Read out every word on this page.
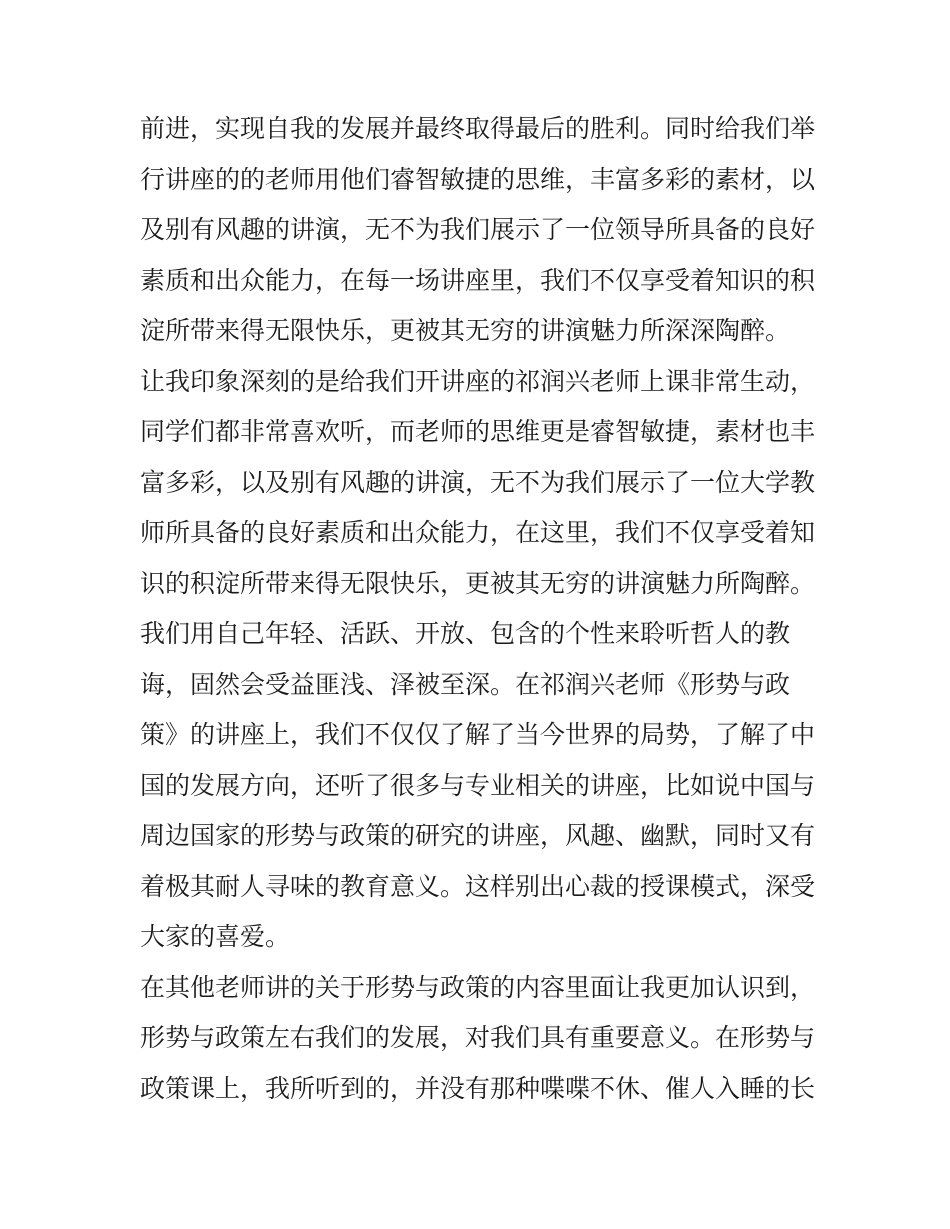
前进，实现自我的发展并最终取得最后的胜利。同时给我们举
行讲座的的老师用他们睿智敏捷的思维，丰富多彩的素材，以
及别有风趣的讲演，无不为我们展示了一位领导所具备的良好
素质和出众能力，在每一场讲座里，我们不仅享受着知识的积
淀所带来得无限快乐，更被其无穷的讲演魅力所深深陶醉。
让我印象深刻的是给我们开讲座的祁润兴老师上课非常生动，
同学们都非常喜欢听，而老师的思维更是睿智敏捷，素材也丰
富多彩，以及别有风趣的讲演，无不为我们展示了一位大学教
师所具备的良好素质和出众能力，在这里，我们不仅享受着知
识的积淀所带来得无限快乐，更被其无穷的讲演魅力所陶醉。
我们用自己年轻、活跃、开放、包含的个性来聆听哲人的教
诲，固然会受益匪浅、泽被至深。在祁润兴老师《形势与政
策》的讲座上，我们不仅仅了解了当今世界的局势，了解了中
国的发展方向，还听了很多与专业相关的讲座，比如说中国与
周边国家的形势与政策的研究的讲座，风趣、幽默，同时又有
着极其耐人寻味的教育意义。这样别出心裁的授课模式，深受
大家的喜爱。
在其他老师讲的关于形势与政策的内容里面让我更加认识到，
形势与政策左右我们的发展，对我们具有重要意义。在形势与
政策课上，我所听到的，并没有那种喋喋不休、催人入睡的长
